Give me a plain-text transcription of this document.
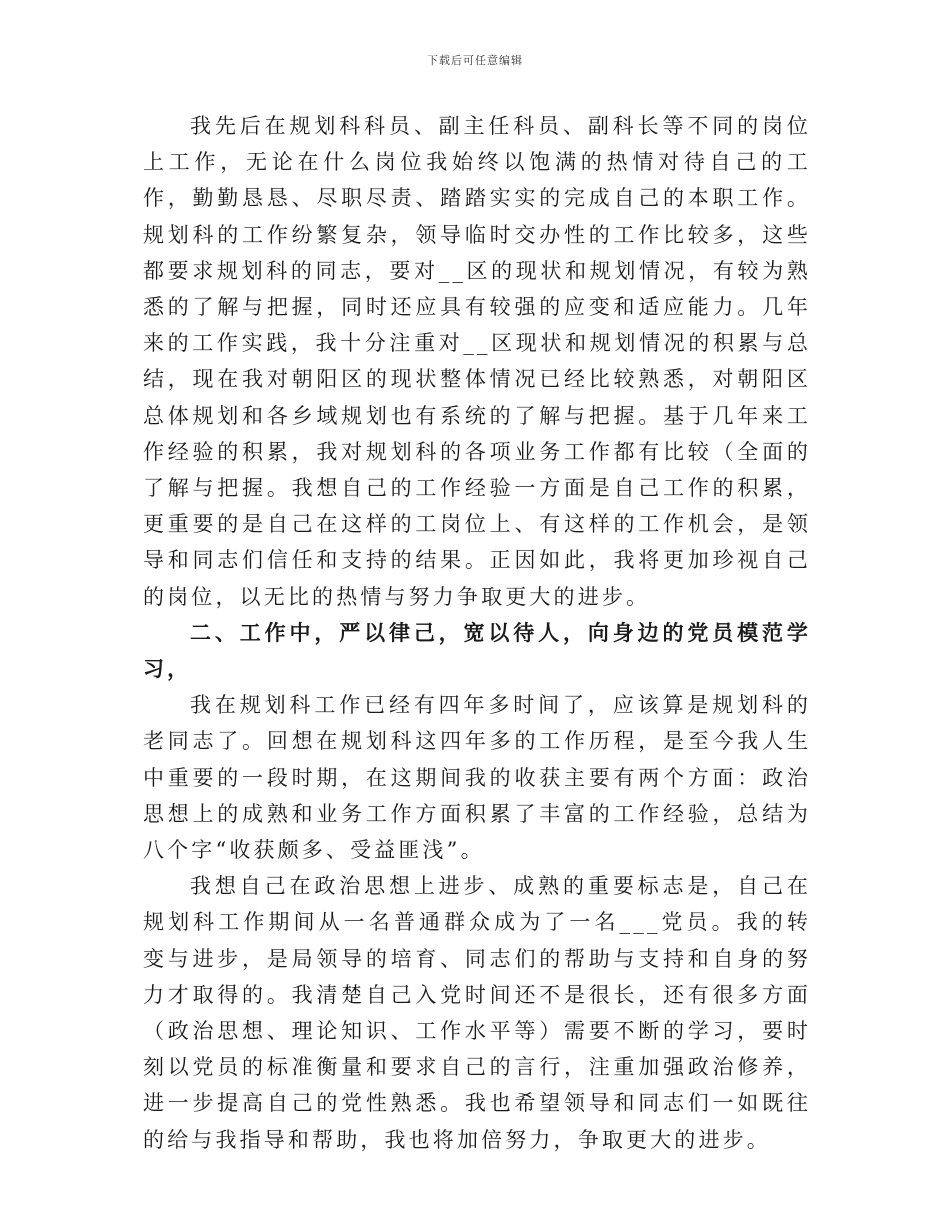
下载后可任意编辑

我先后在规划科科员、副主任科员、副科长等不同的岗位上工作，无论在什么岗位我始终以饱满的热情对待自己的工作，勤勤恳恳、尽职尽责、踏踏实实的完成自己的本职工作。规划科的工作纷繁复杂，领导临时交办性的工作比较多，这些都要求规划科的同志，要对__区的现状和规划情况，有较为熟悉的了解与把握，同时还应具有较强的应变和适应能力。几年来的工作实践，我十分注重对__区现状和规划情况的积累与总结，现在我对朝阳区的现状整体情况已经比较熟悉，对朝阳区总体规划和各乡域规划也有系统的了解与把握。基于几年来工作经验的积累，我对规划科的各项业务工作都有比较（全面的了解与把握。我想自己的工作经验一方面是自己工作的积累，更重要的是自己在这样的工岗位上、有这样的工作机会，是领导和同志们信任和支持的结果。正因如此，我将更加珍视自己的岗位，以无比的热情与努力争取更大的进步。

二、工作中，严以律己，宽以待人，向身边的党员模范学习，

我在规划科工作已经有四年多时间了，应该算是规划科的老同志了。回想在规划科这四年多的工作历程，是至今我人生中重要的一段时期，在这期间我的收获主要有两个方面：政治思想上的成熟和业务工作方面积累了丰富的工作经验，总结为八个字“收获颇多、受益匪浅”。

我想自己在政治思想上进步、成熟的重要标志是，自己在规划科工作期间从一名普通群众成为了一名___党员。我的转变与进步，是局领导的培育、同志们的帮助与支持和自身的努力才取得的。我清楚自己入党时间还不是很长，还有很多方面（政治思想、理论知识、工作水平等）需要不断的学习，要时刻以党员的标准衡量和要求自己的言行，注重加强政治修养，进一步提高自己的党性熟悉。我也希望领导和同志们一如既往的给与我指导和帮助，我也将加倍努力，争取更大的进步。
